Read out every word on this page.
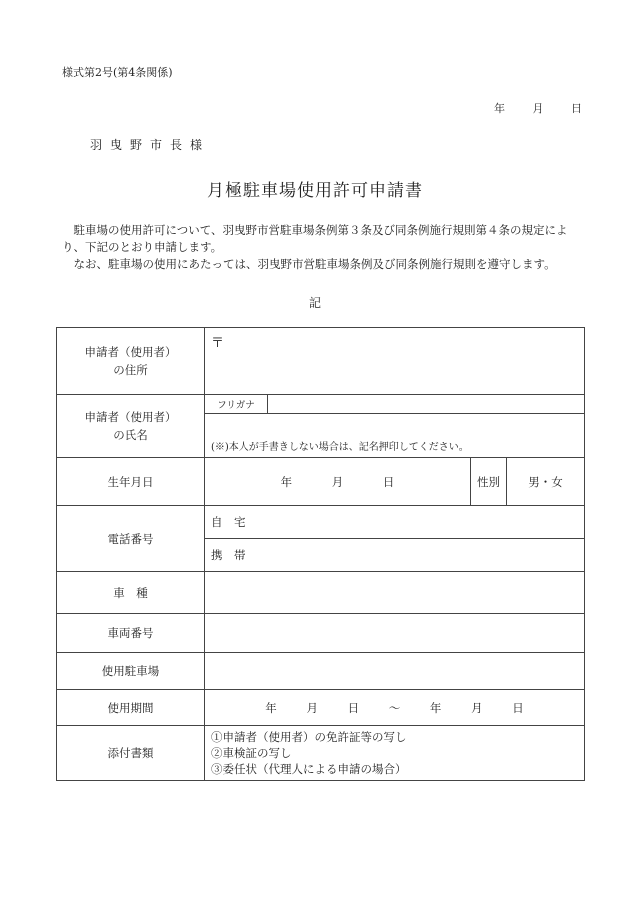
様式第2号(第4条関係)
年	月	日
羽曳野市長様
月極駐車場使用許可申請書

駐車場の使用許可について、羽曳野市営駐車場条例第３条及び同条例施行規則第４条の規定により、下記のとおり申請します。

なお、駐車場の使用にあたっては、羽曳野市営駐車場条例及び同条例施行規則を遵守します。

記
申請者（使用者）
の住所	〒			

申請者（使用者）
の氏名	フリガナ			
	(※)本人が手書きしない場合は、記名押印してください。			
生年月日	年 月 日		性別	男・女
電話番号	自　宅			
	携　帯			
車　種				
車両番号				
使用駐車場				
使用期間	年 月 日 ～ 年 月 日			
添付書類	①申請者（使用者）の免許証等の写し
②車検証の写し
③委任状（代理人による申請の場合）			
